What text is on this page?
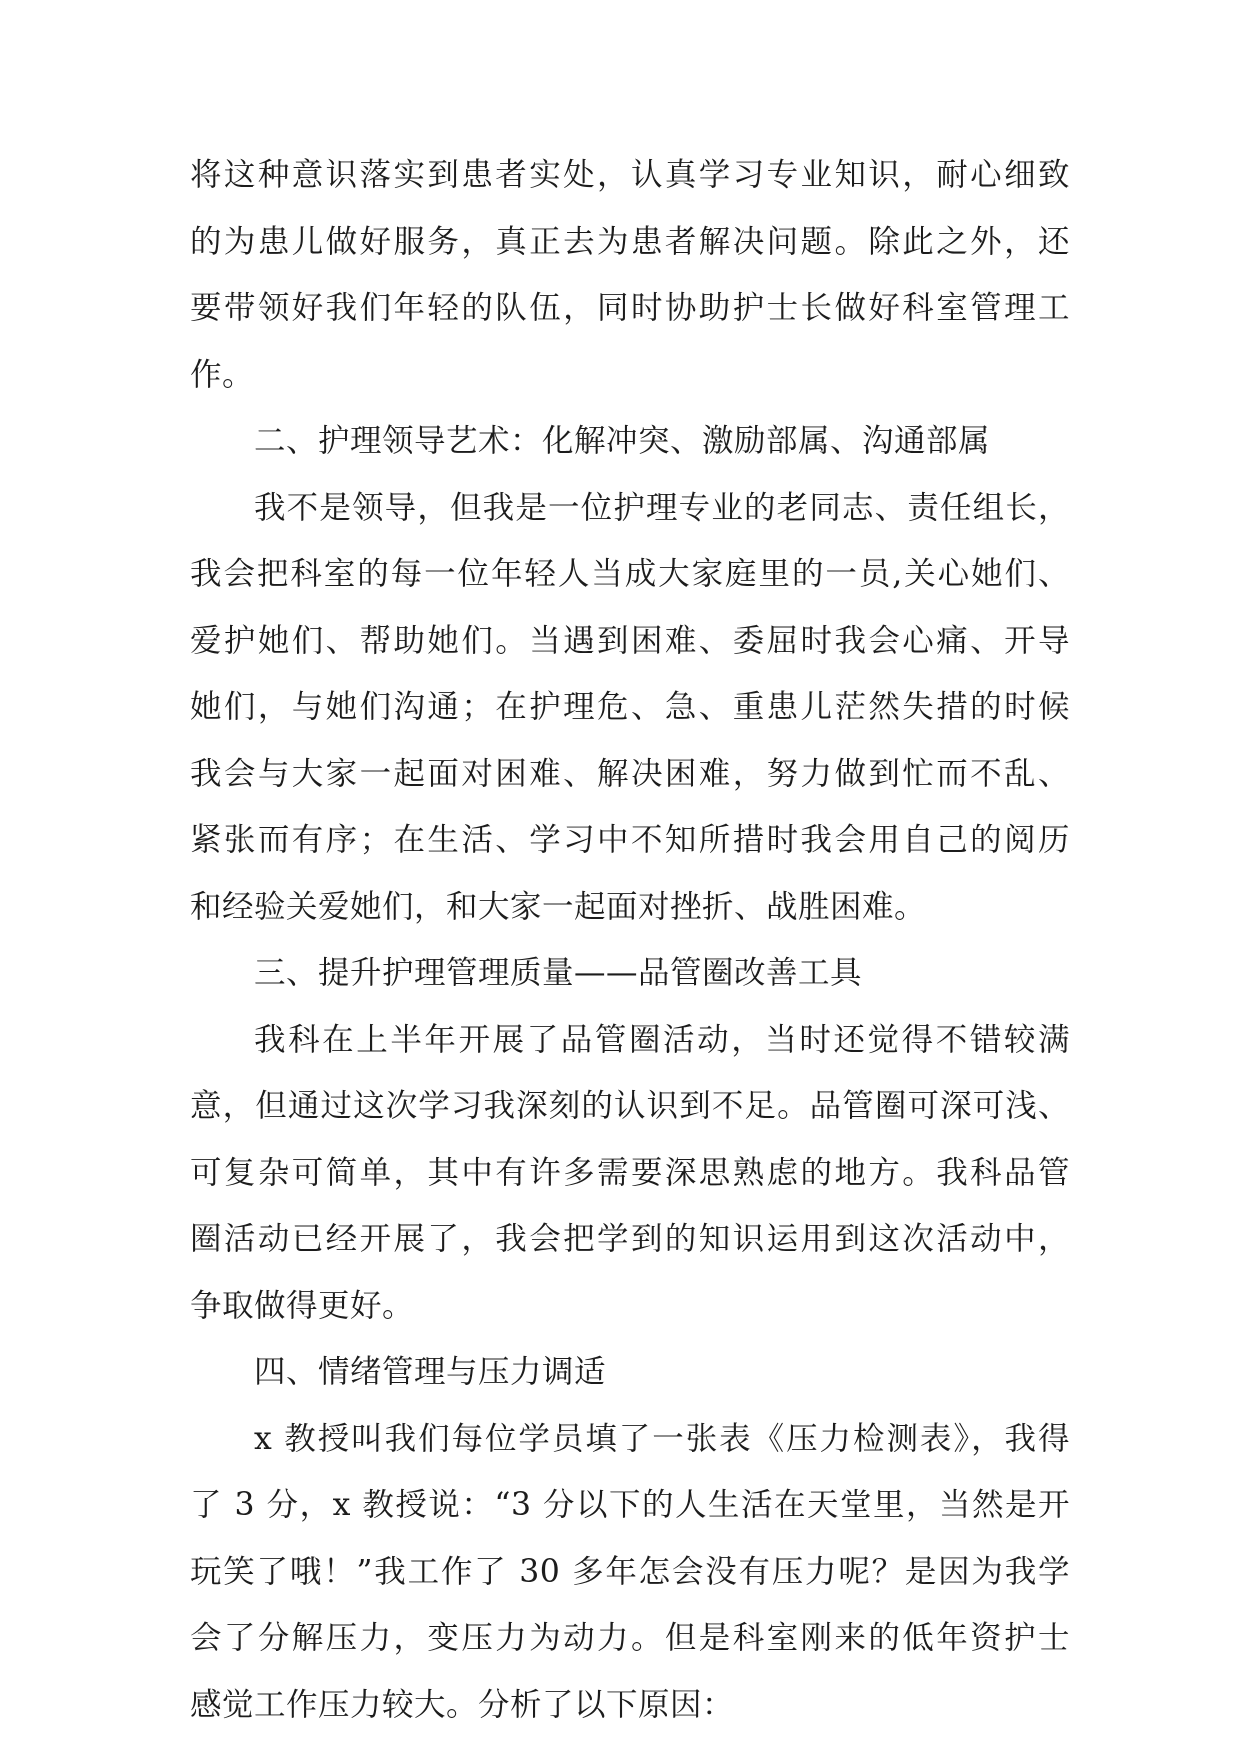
将这种意识落实到患者实处，认真学习专业知识，耐心细致
的为患儿做好服务，真正去为患者解决问题。除此之外，还
要带领好我们年轻的队伍，同时协助护士长做好科室管理工
作。
二、护理领导艺术：化解冲突、激励部属、沟通部属
我不是领导，但我是一位护理专业的老同志、责任组长，
我会把科室的每一位年轻人当成大家庭里的一员,关心她们、
爱护她们、帮助她们。当遇到困难、委屈时我会心痛、开导
她们，与她们沟通；在护理危、急、重患儿茫然失措的时候
我会与大家一起面对困难、解决困难，努力做到忙而不乱、
紧张而有序；在生活、学习中不知所措时我会用自己的阅历
和经验关爱她们，和大家一起面对挫折、战胜困难。
三、提升护理管理质量——品管圈改善工具
我科在上半年开展了品管圈活动，当时还觉得不错较满
意，但通过这次学习我深刻的认识到不足。品管圈可深可浅、
可复杂可简单，其中有许多需要深思熟虑的地方。我科品管
圈活动已经开展了，我会把学到的知识运用到这次活动中，
争取做得更好。
四、情绪管理与压力调适
x 教授叫我们每位学员填了一张表《压力检测表》，我得
了 3 分，x 教授说：“3 分以下的人生活在天堂里，当然是开
玩笑了哦！”我工作了 30 多年怎会没有压力呢？是因为我学
会了分解压力，变压力为动力。但是科室刚来的低年资护士
感觉工作压力较大。分析了以下原因：
